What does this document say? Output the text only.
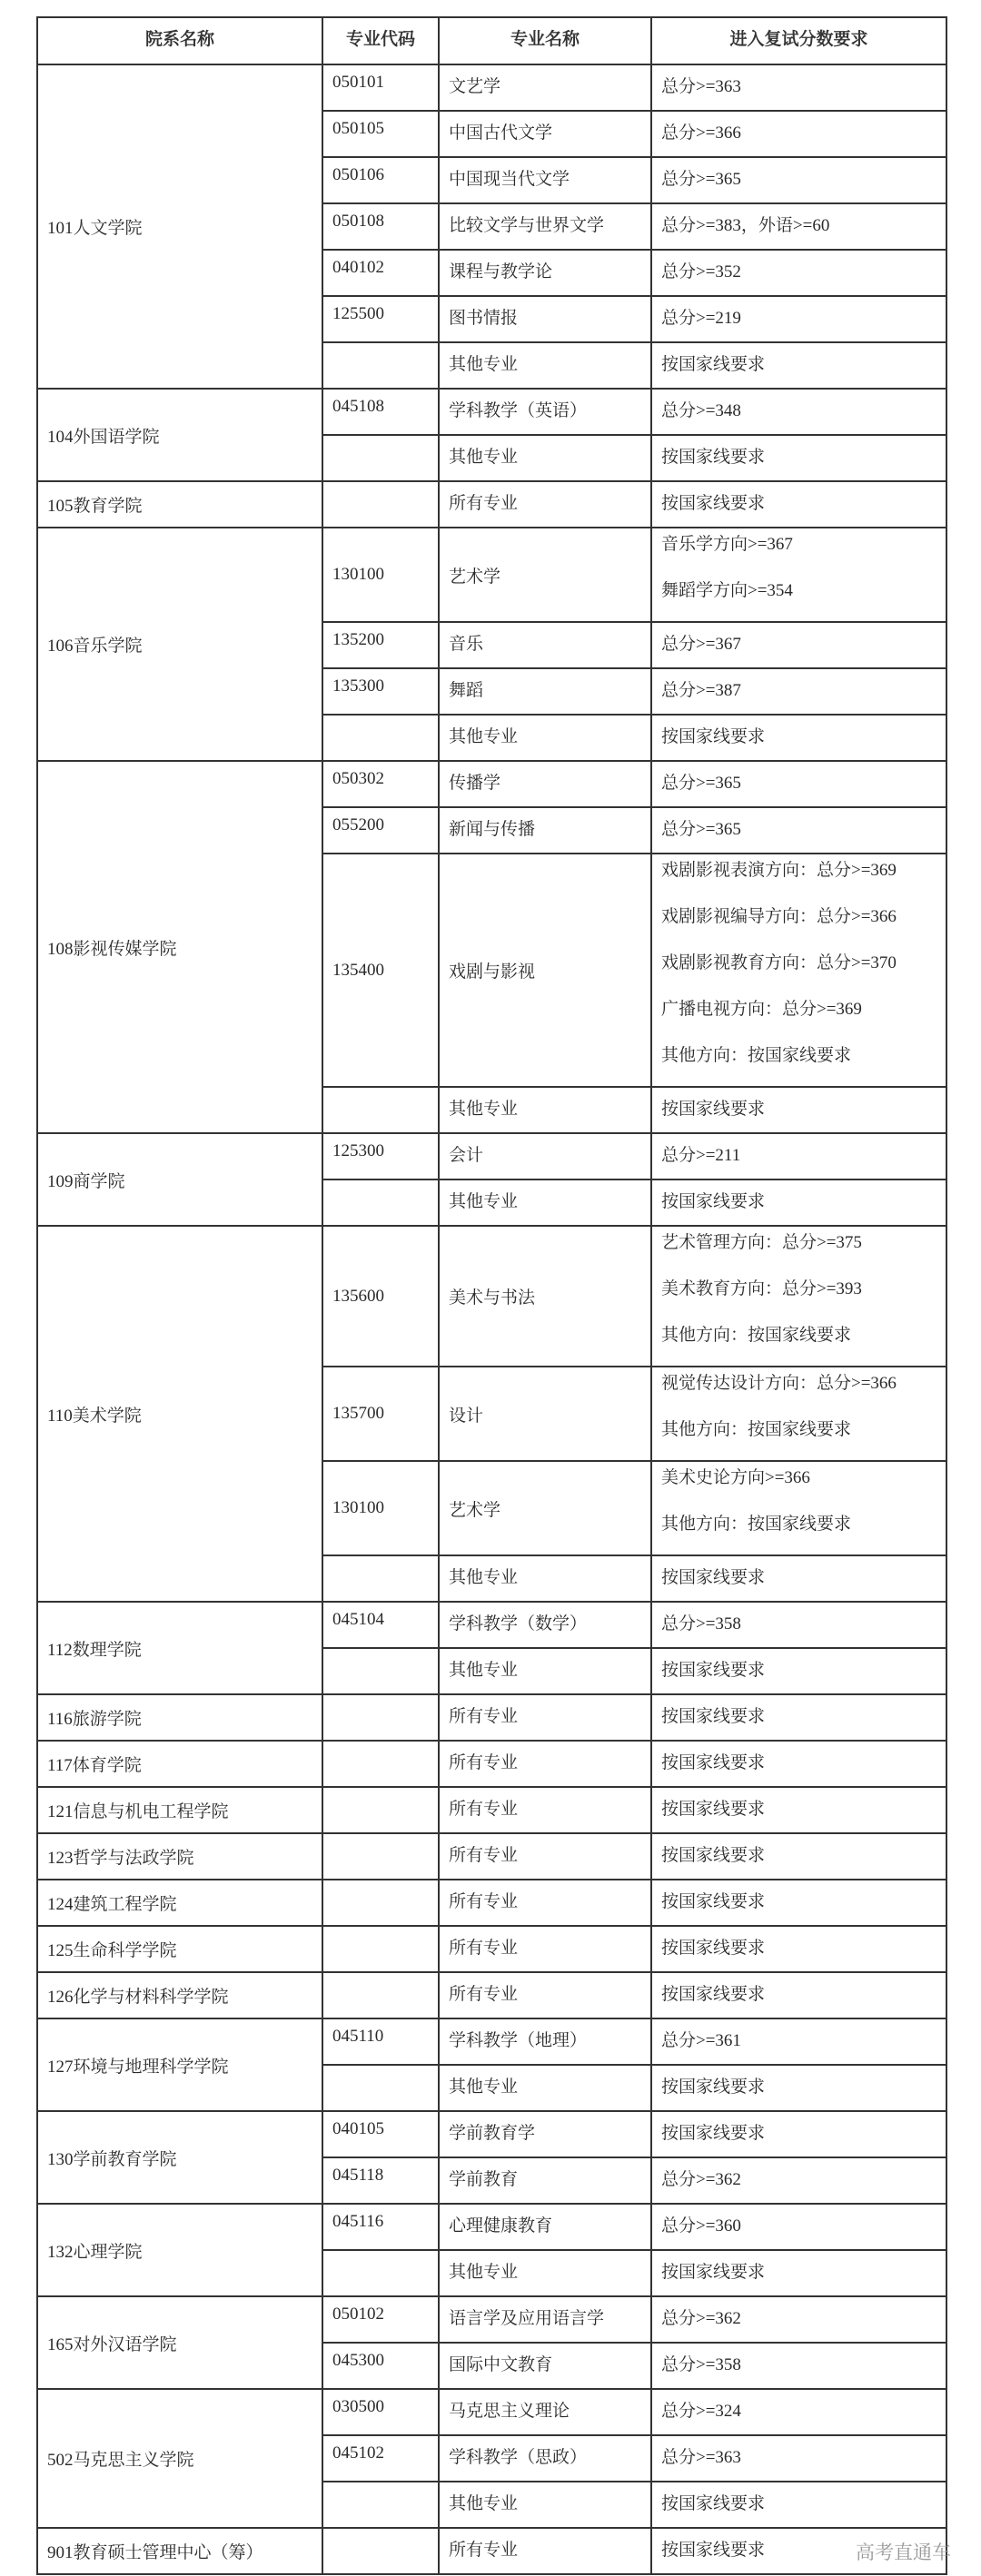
院系名称	专业代码	专业名称	进入复试分数要求
101人文学院	050101	文艺学	总分>=363
	050105	中国古代文学	总分>=366
	050106	中国现当代文学	总分>=365
	050108	比较文学与世界文学	总分>=383，外语>=60
	040102	课程与教学论	总分>=352
	125500	图书情报	总分>=219
		其他专业	按国家线要求
104外国语学院	045108	学科教学（英语）	总分>=348
		其他专业	按国家线要求
105教育学院		所有专业	按国家线要求
106音乐学院	130100	艺术学	音乐学方向>=367
舞蹈学方向>=354

	135200	音乐	总分>=367
	135300	舞蹈	总分>=387
		其他专业	按国家线要求
108影视传媒学院	050302	传播学	总分>=365
	055200	新闻与传播	总分>=365
	135400	戏剧与影视	戏剧影视表演方向：总分>=369
戏剧影视编导方向：总分>=366
戏剧影视教育方向：总分>=370
广播电视方向：总分>=369
其他方向：按国家线要求

		其他专业	按国家线要求
109商学院	125300	会计	总分>=211
		其他专业	按国家线要求
110美术学院	135600	美术与书法	艺术管理方向：总分>=375
美术教育方向：总分>=393
其他方向：按国家线要求

	135700	设计	视觉传达设计方向：总分>=366
其他方向：按国家线要求

	130100	艺术学	美术史论方向>=366
其他方向：按国家线要求

		其他专业	按国家线要求
112数理学院	045104	学科教学（数学）	总分>=358
		其他专业	按国家线要求
116旅游学院		所有专业	按国家线要求
117体育学院		所有专业	按国家线要求
121信息与机电工程学院		所有专业	按国家线要求
123哲学与法政学院		所有专业	按国家线要求
124建筑工程学院		所有专业	按国家线要求
125生命科学学院		所有专业	按国家线要求
126化学与材料科学学院		所有专业	按国家线要求
127环境与地理科学学院	045110	学科教学（地理）	总分>=361
		其他专业	按国家线要求
130学前教育学院	040105	学前教育学	按国家线要求
	045118	学前教育	总分>=362
132心理学院	045116	心理健康教育	总分>=360
		其他专业	按国家线要求
165对外汉语学院	050102	语言学及应用语言学	总分>=362
	045300	国际中文教育	总分>=358
502马克思主义学院	030500	马克思主义理论	总分>=324
	045102	学科教学（思政）	总分>=363
		其他专业	按国家线要求
901教育硕士管理中心（筹）		所有专业	按国家线要求	高考直通车
